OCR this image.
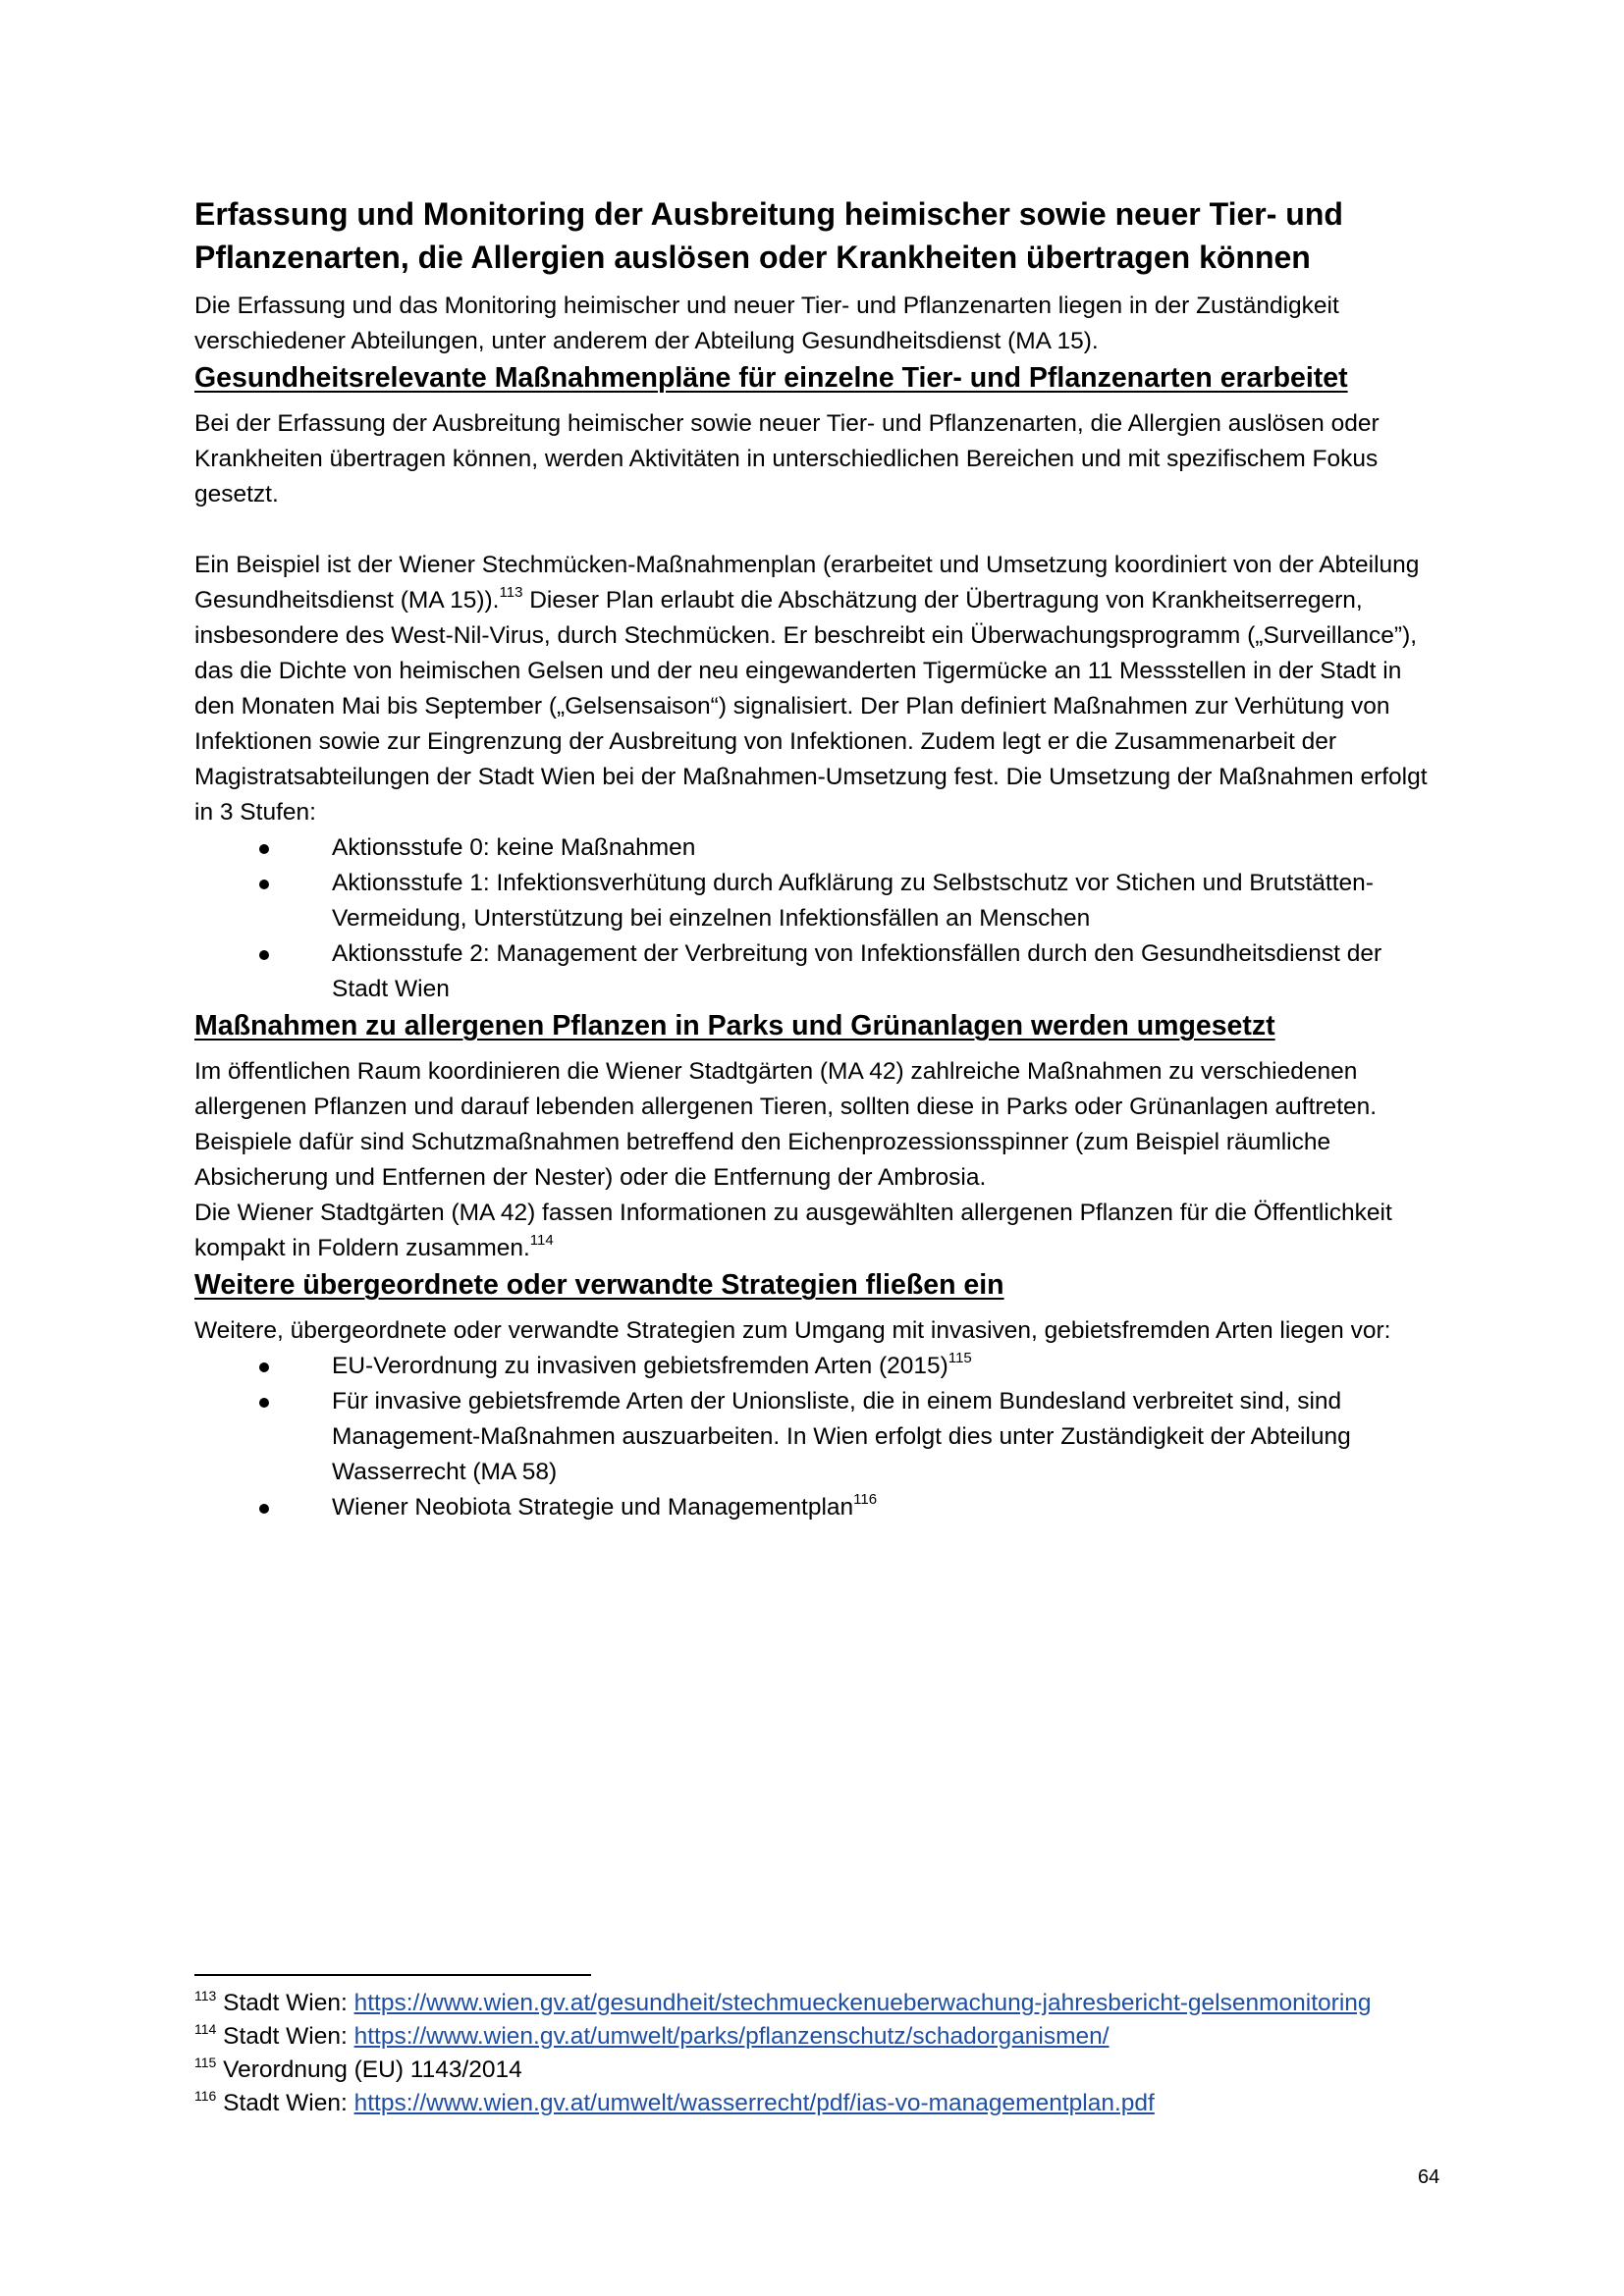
Erfassung und Monitoring der Ausbreitung heimischer sowie neuer Tier- und Pflanzenarten, die Allergien auslösen oder Krankheiten übertragen können

Die Erfassung und das Monitoring heimischer und neuer Tier- und Pflanzenarten liegen in der Zuständigkeit verschiedener Abteilungen, unter anderem der Abteilung Gesundheitsdienst (MA 15).

Gesundheitsrelevante Maßnahmenpläne für einzelne Tier- und Pflanzenarten erarbeitet

Bei der Erfassung der Ausbreitung heimischer sowie neuer Tier- und Pflanzenarten, die Allergien auslösen oder Krankheiten übertragen können, werden Aktivitäten in unterschiedlichen Bereichen und mit spezifischem Fokus gesetzt.

Ein Beispiel ist der Wiener Stechmücken-Maßnahmenplan (erarbeitet und Umsetzung koordiniert von der Abteilung Gesundheitsdienst (MA 15)).$^{113}$ Dieser Plan erlaubt die Abschätzung der Übertragung von Krankheitserregern, insbesondere des West-Nil-Virus, durch Stechmücken. Er beschreibt ein Überwachungsprogramm („Surveillance”), das die Dichte von heimischen Gelsen und der neu eingewanderten Tigermücke an 11 Messstellen in der Stadt in den Monaten Mai bis September („Gelsensaison“) signalisiert. Der Plan definiert Maßnahmen zur Verhütung von Infektionen sowie zur Eingrenzung der Ausbreitung von Infektionen. Zudem legt er die Zusammenarbeit der Magistratsabteilungen der Stadt Wien bei der Maßnahmen-Umsetzung fest. Die Umsetzung der Maßnahmen erfolgt in 3 Stufen:

Aktionsstufe 0: keine Maßnahmen
Aktionsstufe 1: Infektionsverhütung durch Aufklärung zu Selbstschutz vor Stichen und Brutstätten-Vermeidung, Unterstützung bei einzelnen Infektionsfällen an Menschen
Aktionsstufe 2: Management der Verbreitung von Infektionsfällen durch den Gesundheitsdienst der Stadt Wien
Maßnahmen zu allergenen Pflanzen in Parks und Grünanlagen werden umgesetzt

Im öffentlichen Raum koordinieren die Wiener Stadtgärten (MA 42) zahlreiche Maßnahmen zu verschiedenen allergenen Pflanzen und darauf lebenden allergenen Tieren, sollten diese in Parks oder Grünanlagen auftreten. Beispiele dafür sind Schutzmaßnahmen betreffend den Eichenprozessionsspinner (zum Beispiel räumliche Absicherung und Entfernen der Nester) oder die Entfernung der Ambrosia.
Die Wiener Stadtgärten (MA 42) fassen Informationen zu ausgewählten allergenen Pflanzen für die Öffentlichkeit kompakt in Foldern zusammen.$^{114}$

Weitere übergeordnete oder verwandte Strategien fließen ein

Weitere, übergeordnete oder verwandte Strategien zum Umgang mit invasiven, gebietsfremden Arten liegen vor:

EU-Verordnung zu invasiven gebietsfremden Arten $(2015)^{115}$
Für invasive gebietsfremde Arten der Unionsliste, die in einem Bundesland verbreitet sind, sind Management-Maßnahmen auszuarbeiten. In Wien erfolgt dies unter Zuständigkeit der Abteilung Wasserrecht (MA 58)
Wiener Neobiota Strategie und Managementplan$^{116}$

$^{113}$ Stadt Wien: https://www.wien.gv.at/gesundheit/stechmueckenueberwachung-jahresbericht-gelsenmonitoring

$^{114}$ Stadt Wien: https://www.wien.gv.at/umwelt/parks/pflanzenschutz/schadorganismen/

$^{115}$ Verordnung (EU) 1143/2014

$^{116}$ Stadt Wien: https://www.wien.gv.at/umwelt/wasserrecht/pdf/ias-vo-managementplan.pdf

64
